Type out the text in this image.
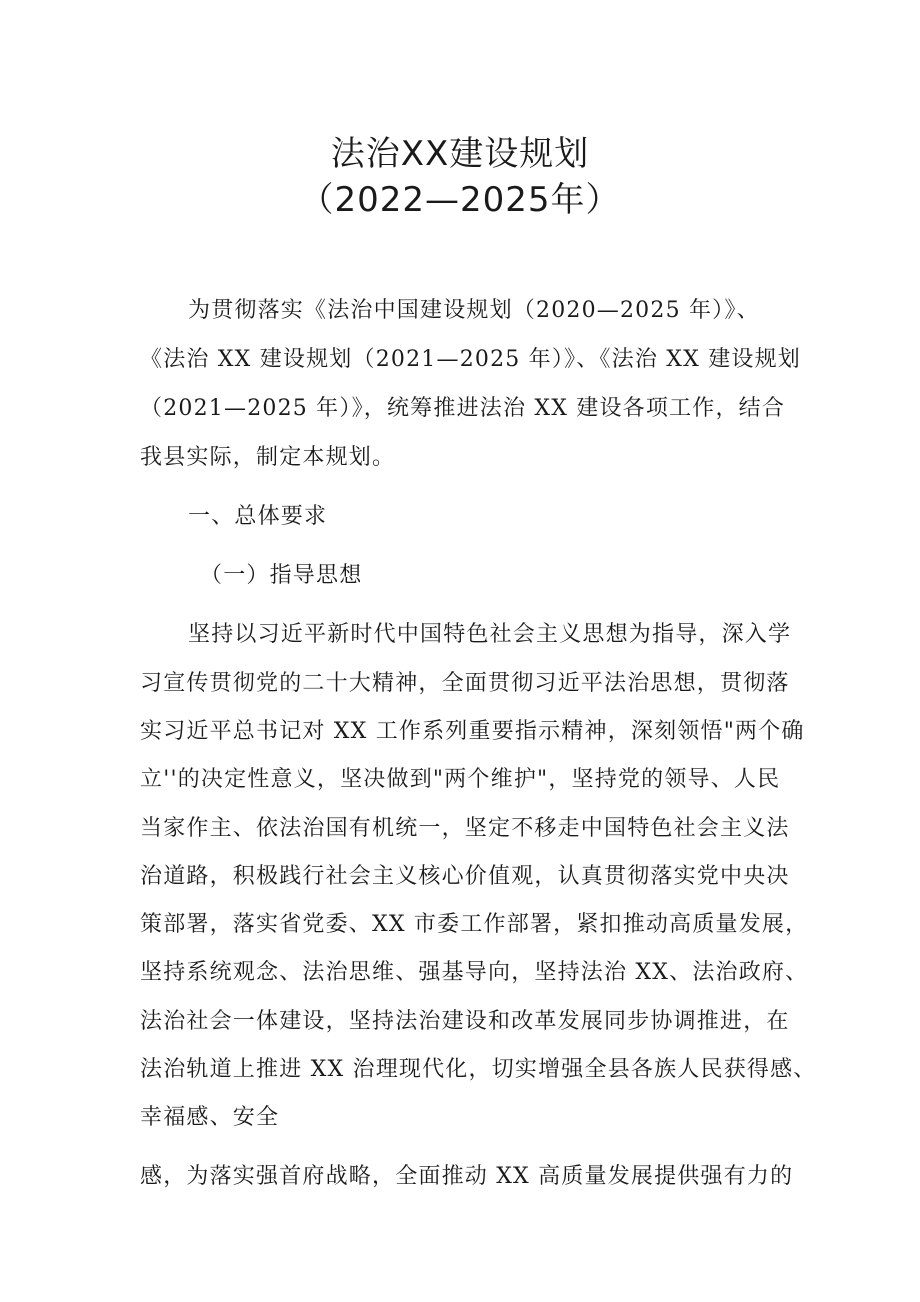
法治XX建设规划
（2022—2025年）

为贯彻落实《法治中国建设规划（2020—2025 年）》、

《法治 XX 建设规划（2021—2025 年）》、《法治 XX 建设规划

（2021—2025 年）》，统筹推进法治 XX 建设各项工作，结合

我县实际，制定本规划。

一、总体要求

（一）指导思想

坚持以习近平新时代中国特色社会主义思想为指导，深入学

习宣传贯彻党的二十大精神，全面贯彻习近平法治思想，贯彻落

实习近平总书记对 XX 工作系列重要指示精神，深刻领悟"两个确

立''的决定性意义，坚决做到"两个维护"，坚持党的领导、人民

当家作主、依法治国有机统一，坚定不移走中国特色社会主义法

治道路，积极践行社会主义核心价值观，认真贯彻落实党中央决

策部署，落实省党委、XX 市委工作部署，紧扣推动高质量发展，

坚持系统观念、法治思维、强基导向，坚持法治 XX、法治政府、

法治社会一体建设，坚持法治建设和改革发展同步协调推进，在

法治轨道上推进 XX 治理现代化，切实增强全县各族人民获得感、

幸福感、安全

感，为落实强首府战略，全面推动 XX 高质量发展提供强有力的
